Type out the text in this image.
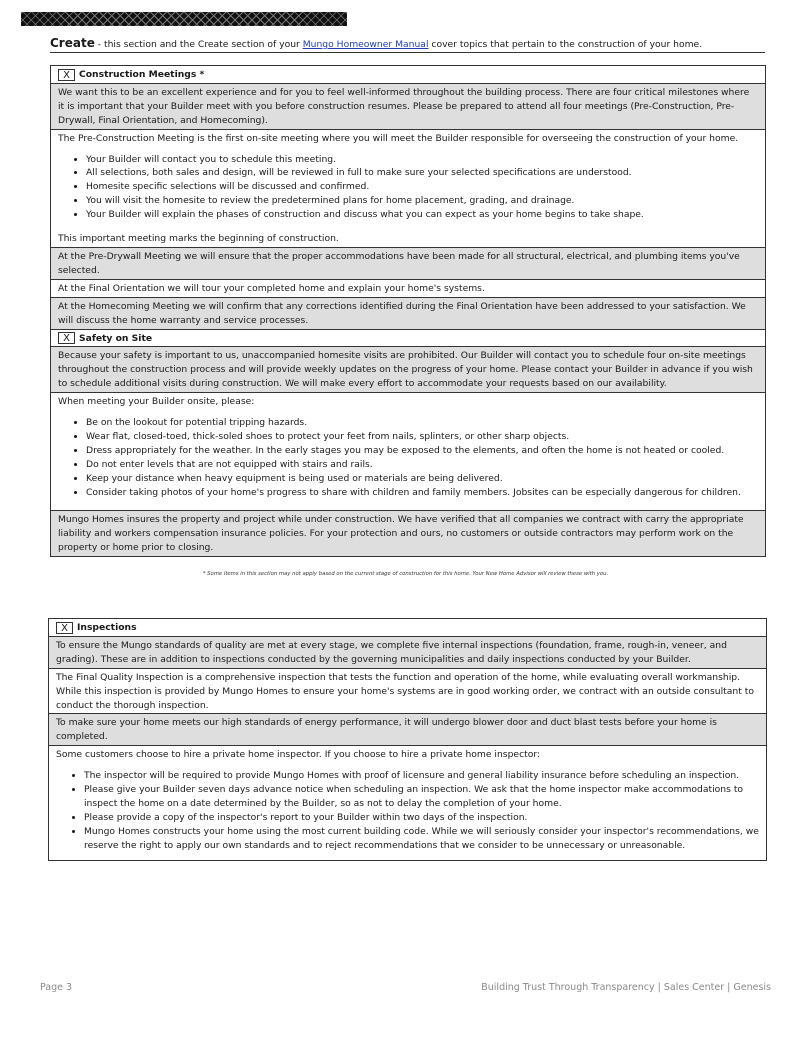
Create - this section and the Create section of your Mungo Homeowner Manual cover topics that pertain to the construction of your home.
X Construction Meetings *
We want this to be an excellent experience and for you to feel well-informed throughout the building process. There are four critical milestones where it is important that your Builder meet with you before construction resumes. Please be prepared to attend all four meetings (Pre-Construction, Pre-Drywall, Final Orientation, and Homecoming).

The Pre-Construction Meeting is the first on-site meeting where you will meet the Builder responsible for overseeing the construction of your home.

• Your Builder will contact you to schedule this meeting.
• All selections, both sales and design, will be reviewed in full to make sure your selected specifications are understood.
• Homesite specific selections will be discussed and confirmed.
• You will visit the homesite to review the predetermined plans for home placement, grading, and drainage.
• Your Builder will explain the phases of construction and discuss what you can expect as your home begins to take shape.

This important meeting marks the beginning of construction.

At the Pre-Drywall Meeting we will ensure that the proper accommodations have been made for all structural, electrical, and plumbing items you've selected.
At the Final Orientation we will tour your completed home and explain your home's systems.
At the Homecoming Meeting we will confirm that any corrections identified during the Final Orientation have been addressed to your satisfaction. We will discuss the home warranty and service processes.
X Safety on Site
Because your safety is important to us, unaccompanied homesite visits are prohibited. Our Builder will contact you to schedule four on-site meetings throughout the construction process and will provide weekly updates on the progress of your home. Please contact your Builder in advance if you wish to schedule additional visits during construction. We will make every effort to accommodate your requests based on our availability.

When meeting your Builder onsite, please:

• Be on the lookout for potential tripping hazards.
• Wear flat, closed-toed, thick-soled shoes to protect your feet from nails, splinters, or other sharp objects.
• Dress appropriately for the weather. In the early stages you may be exposed to the elements, and often the home is not heated or cooled.
• Do not enter levels that are not equipped with stairs and rails.
• Keep your distance when heavy equipment is being used or materials are being delivered.
• Consider taking photos of your home's progress to share with children and family members. Jobsites can be especially dangerous for children.
Mungo Homes insures the property and project while under construction. We have verified that all companies we contract with carry the appropriate liability and workers compensation insurance policies. For your protection and ours, no customers or outside contractors may perform work on the property or home prior to closing.
* Some items in this section may not apply based on the current stage of construction for this home. Your New Home Advisor will review these with you.
X Inspections
To ensure the Mungo standards of quality are met at every stage, we complete five internal inspections (foundation, frame, rough-in, veneer, and grading). These are in addition to inspections conducted by the governing municipalities and daily inspections conducted by your Builder.
The Final Quality Inspection is a comprehensive inspection that tests the function and operation of the home, while evaluating overall workmanship. While this inspection is provided by Mungo Homes to ensure your home's systems are in good working order, we contract with an outside consultant to conduct the thorough inspection.
To make sure your home meets our high standards of energy performance, it will undergo blower door and duct blast tests before your home is completed.

Some customers choose to hire a private home inspector. If you choose to hire a private home inspector:

• The inspector will be required to provide Mungo Homes with proof of licensure and general liability insurance before scheduling an inspection.
• Please give your Builder seven days advance notice when scheduling an inspection. We ask that the home inspector make accommodations to inspect the home on a date determined by the Builder, so as not to delay the completion of your home.
• Please provide a copy of the inspector's report to your Builder within two days of the inspection.
• Mungo Homes constructs your home using the most current building code. While we will seriously consider your inspector's recommendations, we reserve the right to apply our own standards and to reject recommendations that we consider to be unnecessary or unreasonable.
Page 3	Building Trust Through Transparency | Sales Center | Genesis
